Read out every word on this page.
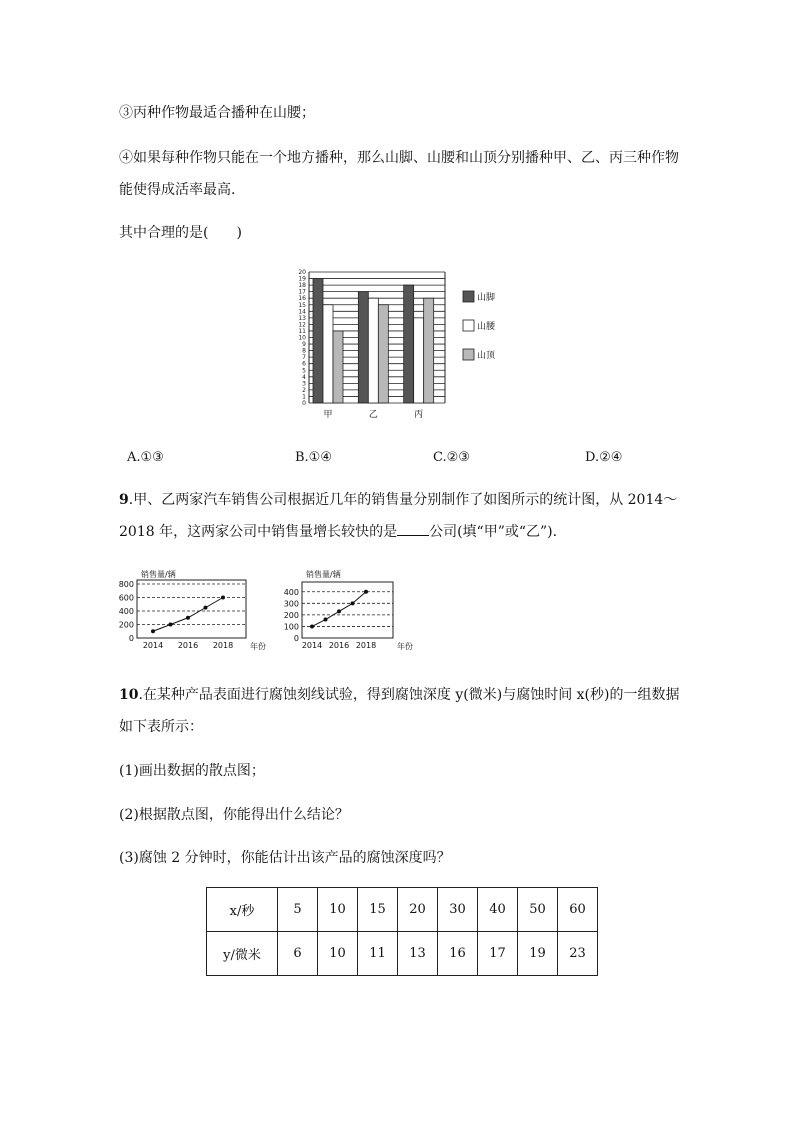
③丙种作物最适合播种在山腰；
④如果每种作物只能在一个地方播种，那么山脚、山腰和山顶分别播种甲、乙、丙三种作物
能使得成活率最高.
其中合理的是(　　)
0
1
2
3
4
5
6
7
8
9
10
11
12
13
14
15
16
17
18
19
20
甲	乙	丙
山脚
山腰
山顶
A.①③	B.①④	C.②③	D.②④
9.甲、乙两家汽车销售公司根据近几年的销售量分别制作了如图所示的统计图，从 2014～
2018 年，这两家公司中销售量增长较快的是 公司(填“甲”或“乙”).
销售量/辆
0
200
400
600
800
2014 2016 2018 年份
销售量/辆
0
100
200
300
400
2014 2016 2018	年份
10.在某种产品表面进行腐蚀刻线试验，得到腐蚀深度 y(微米)与腐蚀时间 x(秒)的一组数据
如下表所示：
(1)画出数据的散点图；
(2)根据散点图，你能得出什么结论？
(3)腐蚀 2 分钟时，你能估计出该产品的腐蚀深度吗？
x/秒	5	10	15	20	30	40	50	60
y/微米	6	10	11	13	16	17	19	23
